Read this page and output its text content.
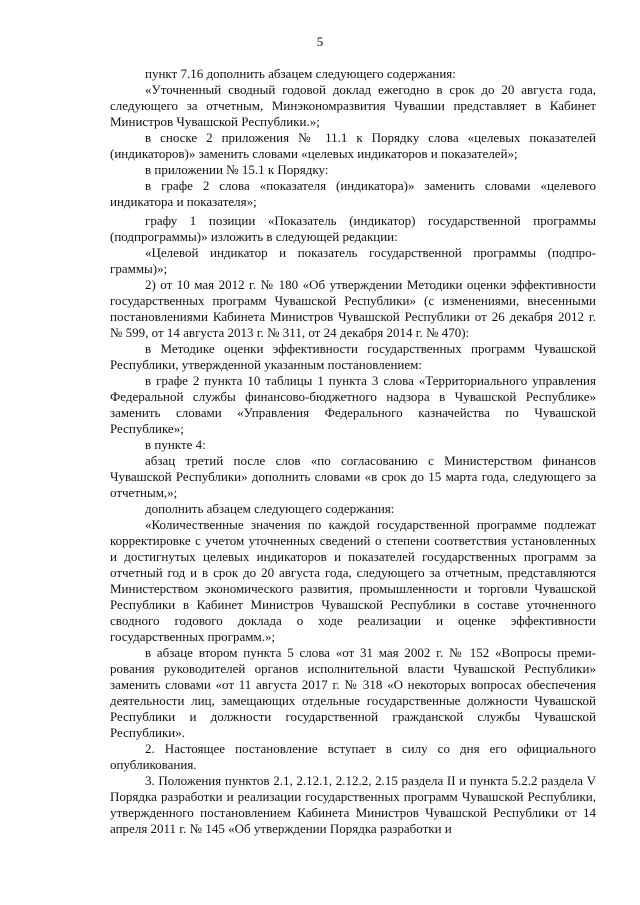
5

пункт 7.16 дополнить абзацем следующего содержания:

«Уточненный сводный годовой доклад ежегодно в срок до 20 августа года, следующего за отчетным, Минэкономразвития Чувашии представляет в Кабинет Министров Чувашской Республики.»;

в сноске 2 приложения № 11.1 к Порядку слова «целевых показателей (индикаторов)» заменить словами «целевых индикаторов и показателей»;

в приложении № 15.1 к Порядку:

в графе 2 слова «показателя (индикатора)» заменить словами «целевого индикатора и показателя»;

графу 1 позиции «Показатель (индикатор) государственной программы (подпрограммы)» изложить в следующей редакции:

«Целевой индикатор и показатель государственной программы (подпрограммы)»;

2) от 10 мая 2012 г. № 180 «Об утверждении Методики оценки эффективности государственных программ Чувашской Республики» (с изменениями, внесенными постановлениями Кабинета Министров Чувашской Республики от 26 декабря 2012 г. № 599, от 14 августа 2013 г. № 311, от 24 декабря 2014 г. № 470):

в Методике оценки эффективности государственных программ Чувашской Республики, утвержденной указанным постановлением:

в графе 2 пункта 10 таблицы 1 пункта 3 слова «Территориального управления Федеральной службы финансово-бюджетного надзора в Чувашской Республике» заменить словами «Управления Федерального казначейства по Чувашской Республике»;

в пункте 4:

абзац третий после слов «по согласованию с Министерством финансов Чувашской Республики» дополнить словами «в срок до 15 марта года, следующего за отчетным,»;

дополнить абзацем следующего содержания:

«Количественные значения по каждой государственной программе подлежат корректировке с учетом уточненных сведений о степени соответствия установленных и достигнутых целевых индикаторов и показателей государственных программ за отчетный год и в срок до 20 августа года, следующего за отчетным, представляются Министерством экономического развития, промышленности и торговли Чувашской Республики в Кабинет Министров Чувашской Республики в составе уточненного сводного годового доклада о ходе реализации и оценке эффективности государственных программ.»;

в абзаце втором пункта 5 слова «от 31 мая 2002 г. № 152 «Вопросы премирования руководителей органов исполнительной власти Чувашской Республики» заменить словами «от 11 августа 2017 г. № 318 «О некоторых вопросах обеспечения деятельности лиц, замещающих отдельные государственные должности Чувашской Республики и должности государственной гражданской службы Чувашской Республики».

2. Настоящее постановление вступает в силу со дня его официального опубликования.

3. Положения пунктов 2.1, 2.12.1, 2.12.2, 2.15 раздела II и пункта 5.2.2 раздела V Порядка разработки и реализации государственных программ Чувашской Республики, утвержденного постановлением Кабинета Министров Чувашской Республики от 14 апреля 2011 г. № 145 «Об утверждении Порядка разработки и
